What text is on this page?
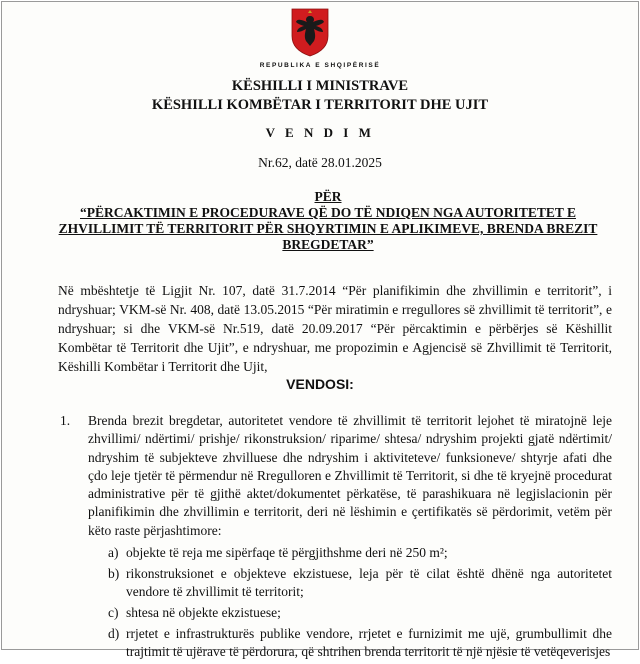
REPUBLIKA E SHQIPËRISË
KËSHILLI I MINISTRAVE
KËSHILLI KOMBËTAR I TERRITORIT DHE UJIT
V E N D I M
Nr.62, datë 28.01.2025
PËR
“PËRCAKTIMIN E PROCEDURAVE QË DO TË NDIQEN NGA AUTORITETET E ZHVILLIMIT TË TERRITORIT PËR SHQYRTIMIN E APLIKIMEVE, BRENDA BREZIT BREGDETAR”
Në mbështetje të Ligjit Nr. 107, datë 31.7.2014 “Për planifikimin dhe zhvillimin e territorit”, i ndryshuar; VKM-së Nr. 408, datë 13.05.2015 “Për miratimin e rregullores së zhvillimit të territorit”, e ndryshuar; si dhe VKM-së Nr.519, datë 20.09.2017 “Për përcaktimin e përbërjes së Këshillit Kombëtar të Territorit dhe Ujit”, e ndryshuar, me propozimin e Agjencisë së Zhvillimit të Territorit, Këshilli Kombëtar i Territorit dhe Ujit,
VENDOSI:
1.	Brenda brezit bregdetar, autoritetet vendore të zhvillimit të territorit lejohet të miratojnë leje zhvillimi/ ndërtimi/ prishje/ rikonstruksion/ riparime/ shtesa/ ndryshim projekti gjatë ndërtimit/ ndryshim të subjekteve zhvilluese dhe ndryshim i aktiviteteve/ funksioneve/ shtyrje afati dhe çdo leje tjetër të përmendur në Rregulloren e Zhvillimit të Territorit, si dhe të kryejnë procedurat administrative për të gjithë aktet/dokumentet përkatëse, të parashikuara në legjislacionin për planifikimin dhe zhvillimin e territorit, deri në lëshimin e çertifikatës së përdorimit, vetëm për këto raste përjashtimore:
a) objekte të reja me sipërfaqe të përgjithshme deri në 250 m²;
b) rikonstruksionet e objekteve ekzistuese, leja për të cilat është dhënë nga autoritetet vendore të zhvillimit të territorit;
c) shtesa në objekte ekzistuese;
d) rrjetet e infrastrukturës publike vendore, rrjetet e furnizimit me ujë, grumbullimit dhe trajtimit të ujërave të përdorura, që shtrihen brenda territorit të një njësie të vetëqeverisjes
